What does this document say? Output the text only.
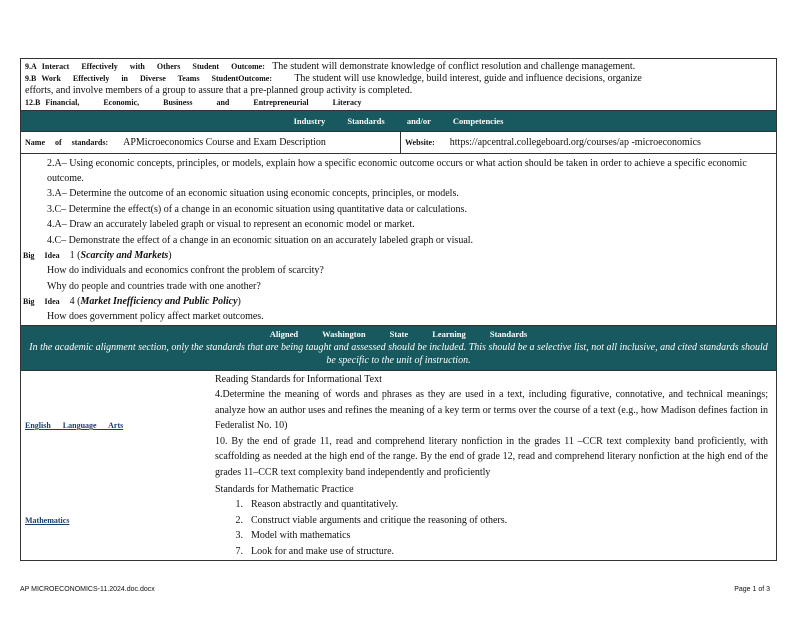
9.A Interact Effectively with Others Student Outcome: The student will demonstrate knowledge of conflict resolution and challenge management.
9.B Work Effectively in Diverse Teams StudentOutcome: The student will use knowledge, build interest, guide and influence decisions, organize
efforts, and involve members of a group to assure that a pre-planned group activity is completed.
12.B Financial, Economic, Business and Entrepreneurial Literacy
Industry Standards and/or Competencies
Name of standards:
APMicroeconomics Course and Exam Description	Website:
https://apcentral.collegeboard.org/courses/ap -microeconomics
2.A– Using economic concepts, principles, or models, explain how a specific economic outcome occurs or what action should be taken in order to achieve a specific economic outcome.
3.A– Determine the outcome of an economic situation using economic concepts, principles, or models.
3.C– Determine the effect(s) of a change in an economic situation using quantitative data or calculations.
4.A– Draw an accurately labeled graph or visual to represent an economic model or market.
4.C– Demonstrate the effect of a change in an economic situation on an accurately labeled graph or visual.
Big Idea 1 (Scarcity and Markets)
How do individuals and economics confront the problem of scarcity?
Why do people and countries trade with one another?
Big Idea 4 (Market Inefficiency and Public Policy)
How does government policy affect market outcomes.
Aligned Washington State Learning Standards
In the academic alignment section, only the standards that are being taught and assessed should be included. This should be a selective list, not all inclusive, and cited standards should be specific to the unit of instruction.
English Language Arts
Reading Standards for Informational Text
4.Determine the meaning of words and phrases as they are used in a text, including figurative, connotative, and technical meanings; analyze how an author uses and refines the meaning of a key term or terms over the course of a text (e.g., how Madison defines faction in Federalist No. 10)
10. By the end of grade 11, read and comprehend literary nonfiction in the grades 11 –CCR text complexity band proficiently, with scaffolding as needed at the high end of the range. By the end of grade 12, read and comprehend literary nonfiction at the high end of the grades 11–CCR text complexity band independently and proficiently
Mathematics
Standards for Mathematic Practice
1. Reason abstractly and quantitatively.
2. Construct viable arguments and critique the reasoning of others.
3. Model with mathematics
7. Look for and make use of structure.
AP MICROECONOMICS-11.2024.doc.docx	Page 1 of 3
